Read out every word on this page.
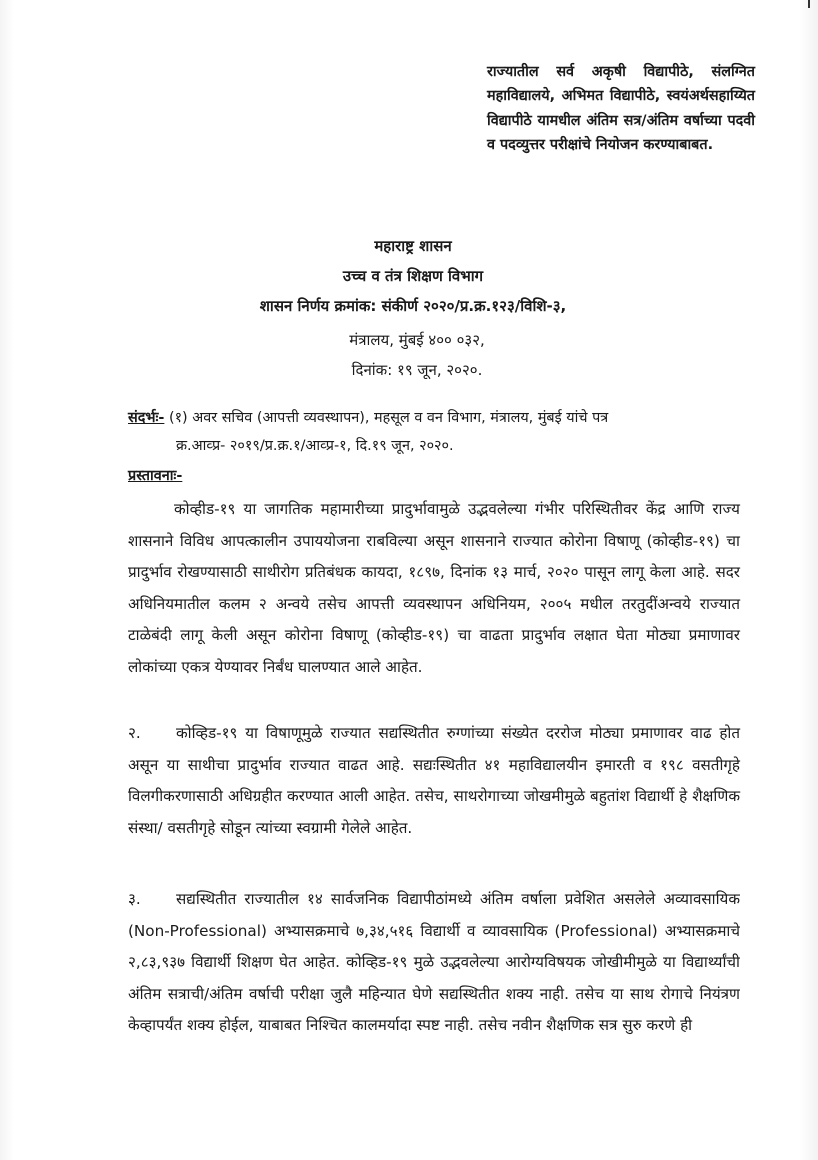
राज्यातील सर्व अकृषी विद्यापीठे, संलग्नित महाविद्यालये, अभिमत विद्यापीठे, स्वयंअर्थसहाय्यित विद्यापीठे यामधील अंतिम सत्र/अंतिम वर्षाच्या पदवी व पदव्युत्तर परीक्षांचे नियोजन करण्याबाबत.
महाराष्ट्र शासन
उच्च व तंत्र शिक्षण विभाग
शासन निर्णय क्रमांक: संकीर्ण २०२०/प्र.क्र.१२३/विशि-३,
मंत्रालय, मुंबई ४०० ०३२,
दिनांक: १९ जून, २०२०.
संदर्भः- (१) अवर सचिव (आपत्ती व्यवस्थापन), महसूल व वन विभाग, मंत्रालय, मुंबई यांचे पत्र
क्र.आव्प्र- २०१९/प्र.क्र.१/आव्प्र-१, दि.१९ जून, २०२०.
प्रस्तावनाः-
कोव्हीड-१९ या जागतिक महामारीच्या प्रादुर्भावामुळे उद्भवलेल्या गंभीर परिस्थितीवर केंद्र आणि राज्य शासनाने विविध आपत्कालीन उपाययोजना राबविल्या असून शासनाने राज्यात कोरोना विषाणू (कोव्हीड-१९) चा प्रादुर्भाव रोखण्यासाठी साथीरोग प्रतिबंधक कायदा, १८९७, दिनांक १३ मार्च, २०२० पासून लागू केला आहे. सदर अधिनियमातील कलम २ अन्वये तसेच आपत्ती व्यवस्थापन अधिनियम, २००५ मधील तरतुदींअन्वये राज्यात टाळेबंदी लागू केली असून कोरोना विषाणू (कोव्हीड-१९) चा वाढता प्रादुर्भाव लक्षात घेता मोठ्या प्रमाणावर लोकांच्या एकत्र येण्यावर निर्बंध घालण्यात आले आहेत.
२. कोव्हिड-१९ या विषाणूमुळे राज्यात सद्यस्थितीत रुग्णांच्या संख्येत दररोज मोठ्या प्रमाणावर वाढ होत असून या साथीचा प्रादुर्भाव राज्यात वाढत आहे. सद्यःस्थितीत ४१ महाविद्यालयीन इमारती व १९८ वसतीगृहे विलगीकरणासाठी अधिग्रहीत करण्यात आली आहेत. तसेच, साथरोगाच्या जोखमीमुळे बहुतांश विद्यार्थी हे शैक्षणिक संस्था/ वसतीगृहे सोडून त्यांच्या स्वग्रामी गेलेले आहेत.
३. सद्यस्थितीत राज्यातील १४ सार्वजनिक विद्यापीठांमध्ये अंतिम वर्षाला प्रवेशित असलेले अव्यावसायिक (Non-Professional) अभ्यासक्रमाचे ७,३४,५१६ विद्यार्थी व व्यावसायिक (Professional) अभ्यासक्रमाचे २,८३,९३७ विद्यार्थी शिक्षण घेत आहेत. कोव्हिड-१९ मुळे उद्भवलेल्या आरोग्यविषयक जोखीमीमुळे या विद्यार्थ्यांची अंतिम सत्राची/अंतिम वर्षाची परीक्षा जुलै महिन्यात घेणे सद्यस्थितीत शक्य नाही. तसेच या साथ रोगाचे नियंत्रण केव्हापर्यंत शक्य होईल, याबाबत निश्चित कालमर्यादा स्पष्ट नाही. तसेच नवीन शैक्षणिक सत्र सुरु करणे ही
